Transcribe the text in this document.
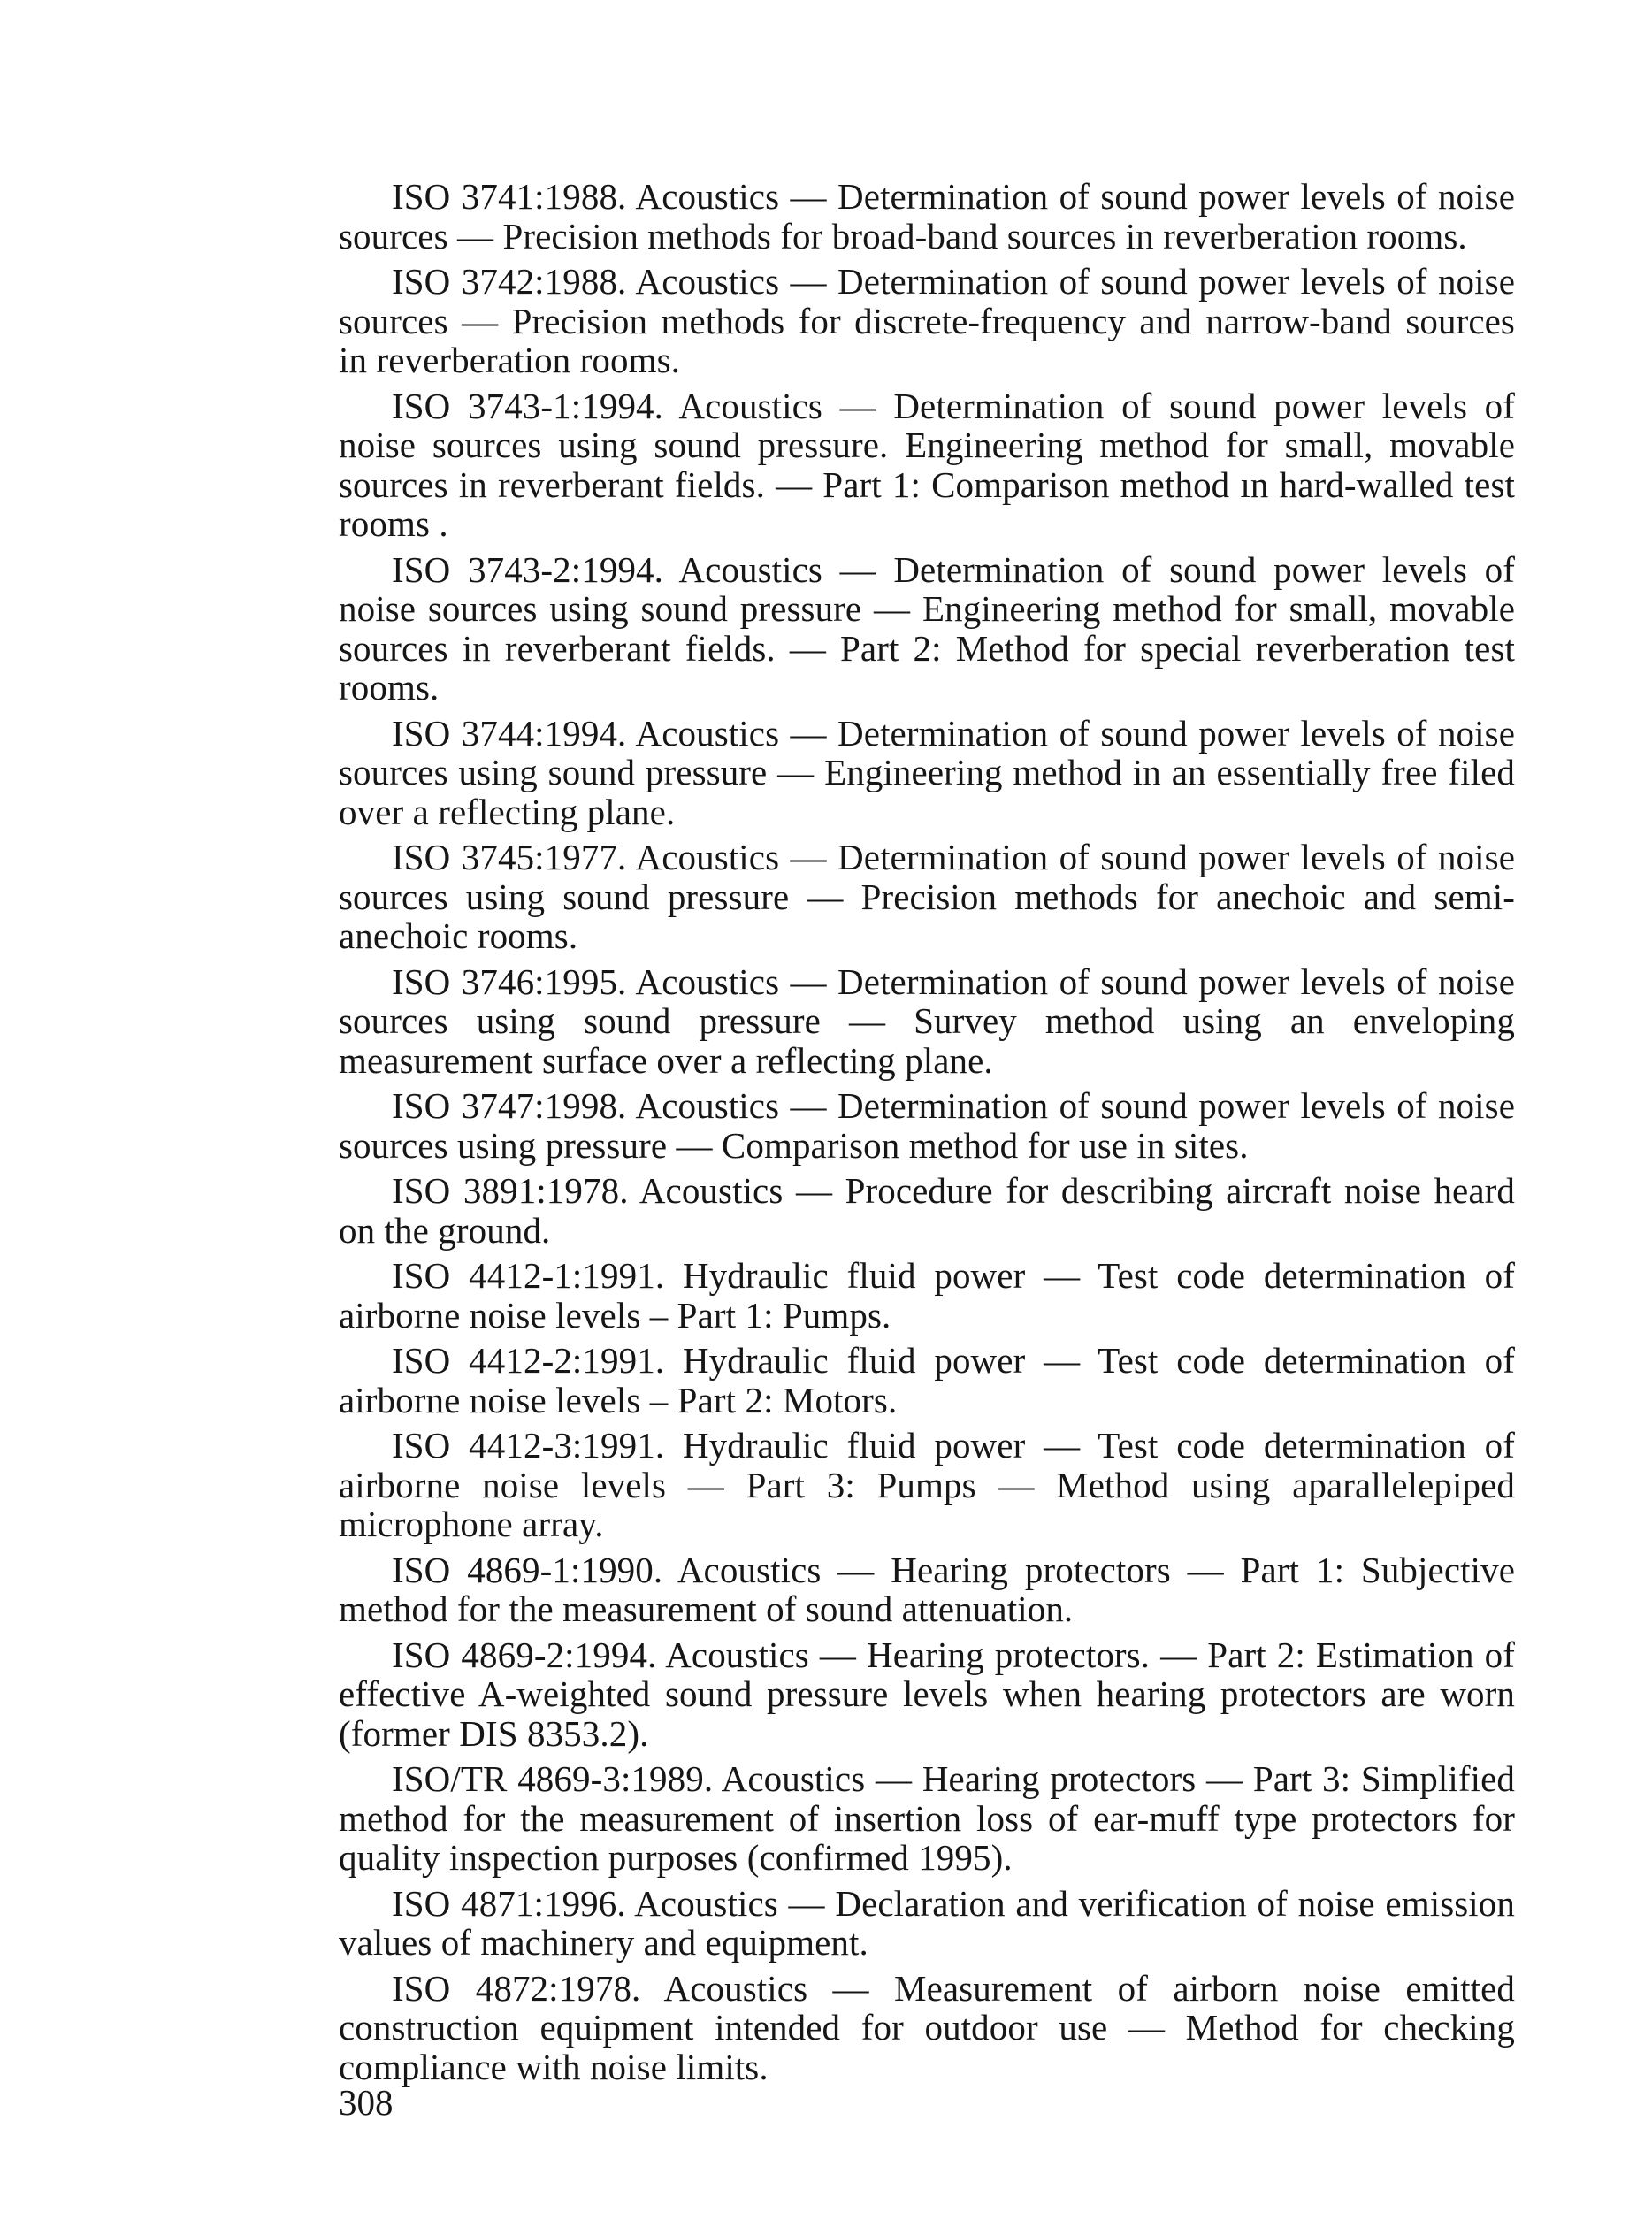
ISO 3741:1988. Acoustics — Determination of sound power levels of noise sources — Precision methods for broad-band sources in reverberation rooms.

ISO 3742:1988. Acoustics — Determination of sound power levels of noise sources — Precision methods for discrete-frequency and narrow-band sources in reverberation rooms.

ISO 3743-1:1994. Acoustics — Determination of sound power levels of noise sources using sound pressure. Engineering method for small, movable sources in reverberant fields. — Part 1: Comparison method ın hard-walled test rooms .

ISO 3743-2:1994. Acoustics — Determination of sound power levels of noise sources using sound pressure — Engineering method for small, movable sources in reverberant fields. — Part 2: Method for special reverberation test rooms.

ISO 3744:1994. Acoustics — Determination of sound power levels of noise sources using sound pressure — Engineering method in an essentially free filed over a reflecting plane.

ISO 3745:1977. Acoustics — Determination of sound power levels of noise sources using sound pressure — Precision methods for anechoic and semi-anechoic rooms.

ISO 3746:1995. Acoustics — Determination of sound power levels of noise sources using sound pressure — Survey method using an enveloping measurement surface over a reflecting plane.

ISO 3747:1998. Acoustics — Determination of sound power levels of noise sources using pressure — Comparison method for use in sites.

ISO 3891:1978. Acoustics — Procedure for describing aircraft noise heard on the ground.

ISO 4412-1:1991. Hydraulic fluid power — Test code determination of airborne noise levels – Part 1: Pumps.

ISO 4412-2:1991. Hydraulic fluid power — Test code determination of airborne noise levels – Part 2: Motors.

ISO 4412-3:1991. Hydraulic fluid power — Test code determination of airborne noise levels — Part 3: Pumps — Method using aparallelepiped microphone array.

ISO 4869-1:1990. Acoustics — Hearing protectors — Part 1: Subjective method for the measurement of sound attenuation.

ISO 4869-2:1994. Acoustics — Hearing protectors. — Part 2: Estimation of effective A-weighted sound pressure levels when hearing protectors are worn (former DIS 8353.2).

ISO/TR 4869-3:1989. Acoustics — Hearing protectors — Part 3: Simplified method for the measurement of insertion loss of ear-muff type protectors for quality inspection purposes (confirmed 1995).

ISO 4871:1996. Acoustics — Declaration and verification of noise emission values of machinery and equipment.

ISO 4872:1978. Acoustics — Measurement of airborn noise emitted construction equipment intended for outdoor use — Method for checking compliance with noise limits.

308
